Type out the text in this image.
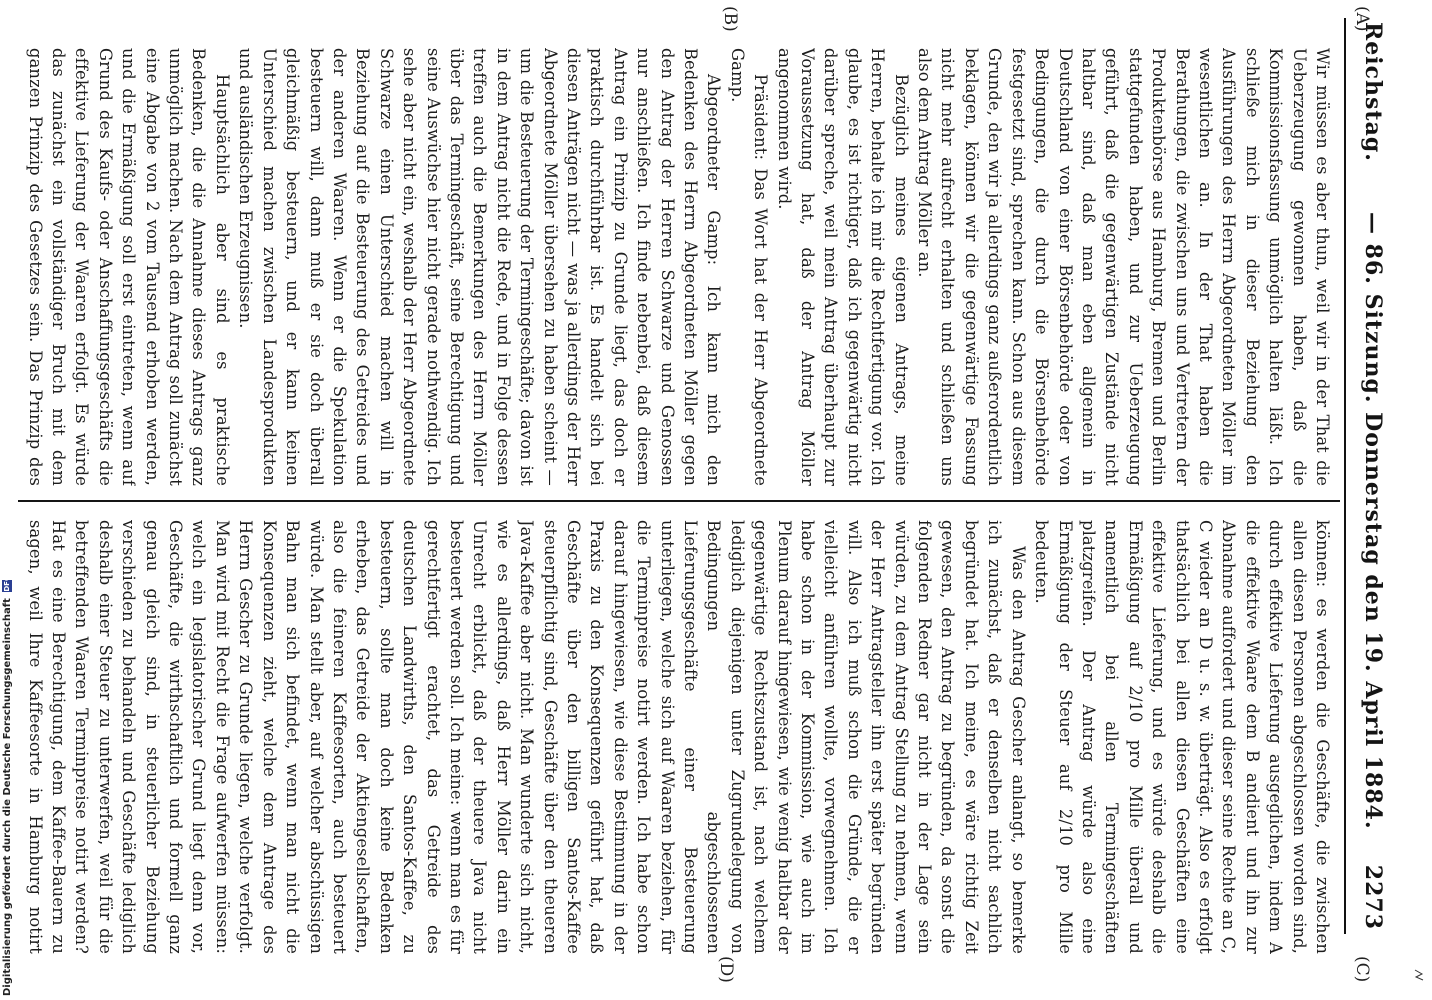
Reichstag.
— 86. Sitzung. Donnerstag den 19. April 1884.
2273

Wir müssen es aber thun, weil wir in der That die Ueberzeugung gewonnen haben, daß die Kommissionsfassung unmöglich halten läßt. Ich schließe mich in dieser Beziehung den Ausführungen des Herrn Abgeordneten Möller im wesentlichen an. In der That haben die Berathungen, die zwischen uns und Vertretern der Produktenbörse aus Hamburg, Bremen und Berlin stattgefunden haben, und zur Ueberzeugung geführt, daß die gegenwärtigen Zustände nicht haltbar sind, daß man eben allgemein in Deutschland von einer Börsenbehörde oder von Bedingungen, die durch die Börsenbehörde festgesetzt sind, sprechen kann. Schon aus diesem Grunde, den wir ja allerdings ganz außerordentlich beklagen, können wir die gegenwärtige Fassung nicht mehr aufrecht erhalten und schließen uns also dem Antrag Möller an.

Bezüglich meines eigenen Antrags, meine Herren, behalte ich mir die Rechtfertigung vor. Ich glaube, es ist richtiger, daß ich gegenwärtig nicht darüber spreche, weil mein Antrag überhaupt zur Voraussetzung hat, daß der Antrag Möller angenommen wird.

Präsident: Das Wort hat der Herr Abgeordnete Gamp.

Abgeordneter Gamp: Ich kann mich den Bedenken des Herrn Abgeordneten Möller gegen den Antrag der Herren Schwarze und Genossen nur anschließen. Ich finde nebenbei, daß diesem Antrag ein Prinzip zu Grunde liegt, das doch er praktisch durchführbar ist. Es handelt sich bei diesen Anträgen nicht — was ja allerdings der Herr Abgeordnete Möller übersehen zu haben scheint — um die Besteuerung der Termingeschäfte; davon ist in dem Antrag nicht die Rede, und in Folge dessen treffen auch die Bemerkungen des Herrn Möller über das Termingeschäft, seine Berechtigung und seine Auswüchse hier nicht gerade nothwendig. Ich sehe aber nicht ein, weshalb der Herr Abgeordnete Schwarze einen Unterschied machen will in Beziehung auf die Besteuerung des Getreides und der anderen Waaren. Wenn er die Spekulation besteuern will, dann muß er sie doch überall gleichmäßig besteuern, und er kann keinen Unterschied machen zwischen Landesprodukten und ausländischen Erzeugnissen.

Hauptsächlich aber sind es praktische Bedenken, die die Annahme dieses Antrags ganz unmöglich machen. Nach dem Antrag soll zunächst eine Abgabe von 2 vom Tausend erhoben werden, und die Ermäßigung soll erst eintreten, wenn auf Grund des Kaufs- oder Anschaffungsgeschäfts die effektive Lieferung der Waaren erfolgt. Es würde das zunächst ein vollständiger Bruch mit dem ganzen Prinzip des Gesetzes sein. Das Prinzip des

können: es werden die Geschäfte, die zwischen allen diesen Personen abgeschlossen worden sind, durch effektive Lieferung ausgeglichen, indem A die effektive Waare dem B andient und ihn zur Abnahme auffordert und dieser seine Rechte an C, C wieder an D u. s. w. überträgt. Also es erfolgt thatsächlich bei allen diesen Geschäften eine effektive Lieferung, und es würde deshalb die Ermäßigung auf 2/10 pro Mille überall und namentlich bei allen Termingeschäften platzgreifen. Der Antrag würde also eine Ermäßigung der Steuer auf 2/10 pro Mille bedeuten.

Was den Antrag Gescher anlangt, so bemerke ich zunächst, daß er denselben nicht sachlich begründet hat. Ich meine, es wäre richtig Zeit gewesen, den Antrag zu begründen, da sonst die folgenden Redner gar nicht in der Lage sein würden, zu dem Antrag Stellung zu nehmen, wenn der Herr Antragsteller ihn erst später begründen will. Also ich muß schon die Gründe, die er vielleicht anführen wollte, vorwegnehmen. Ich habe schon in der Kommission, wie auch im Plenum darauf hingewiesen, wie wenig haltbar der gegenwärtige Rechtszustand ist, nach welchem lediglich diejenigen unter Zugrundelegung von Bedingungen abgeschlossenen Lieferungsgeschäfte einer Besteuerung unterliegen, welche sich auf Waaren beziehen, für die Terminpreise notirt werden. Ich habe schon darauf hingewiesen, wie diese Bestimmung in der Praxis zu den Konsequenzen geführt hat, daß Geschäfte über den billigen Santos-Kaffee steuerpflichtig sind, Geschäfte über den theueren Java-Kaffee aber nicht. Man wunderte sich nicht, wie es allerdings, daß Herr Möller darin ein Unrecht erblickt, daß der theuere Java nicht besteuert werden soll. Ich meine: wenn man es für gerechtfertigt erachtet, das Getreide des deutschen Landwirths, den Santos-Kaffee, zu besteuern, sollte man doch keine Bedenken erheben, das Getreide der Aktiengesellschaften, also die feineren Kaffeesorten, auch besteuert würde. Man stellt aber, auf welcher abschüssigen Bahn man sich befindet, wenn man nicht die Konsequenzen zieht, welche dem Antrage des Herrn Gescher zu Grunde liegen, welche verfolgt. Man wird mit Recht die Frage aufwerfen müssen: welch ein legislatorischer Grund liegt denn vor, Geschäfte, die wirthschaftlich und formell ganz genau gleich sind, in steuerlicher Beziehung verschieden zu behandeln und Geschäfte lediglich deshalb einer Steuer zu unterwerfen, weil für die betreffenden Waaren Terminpreise notirt werden? Hat es eine Berechtigung, dem Kaffee-Bauern zu sagen, weil Ihre Kaffeesorte in Hamburg notirt

(A)
(B)
(C)
(D)
Digitalisierung gefördert durch die Deutsche Forschungsgemeinschaft DFG
